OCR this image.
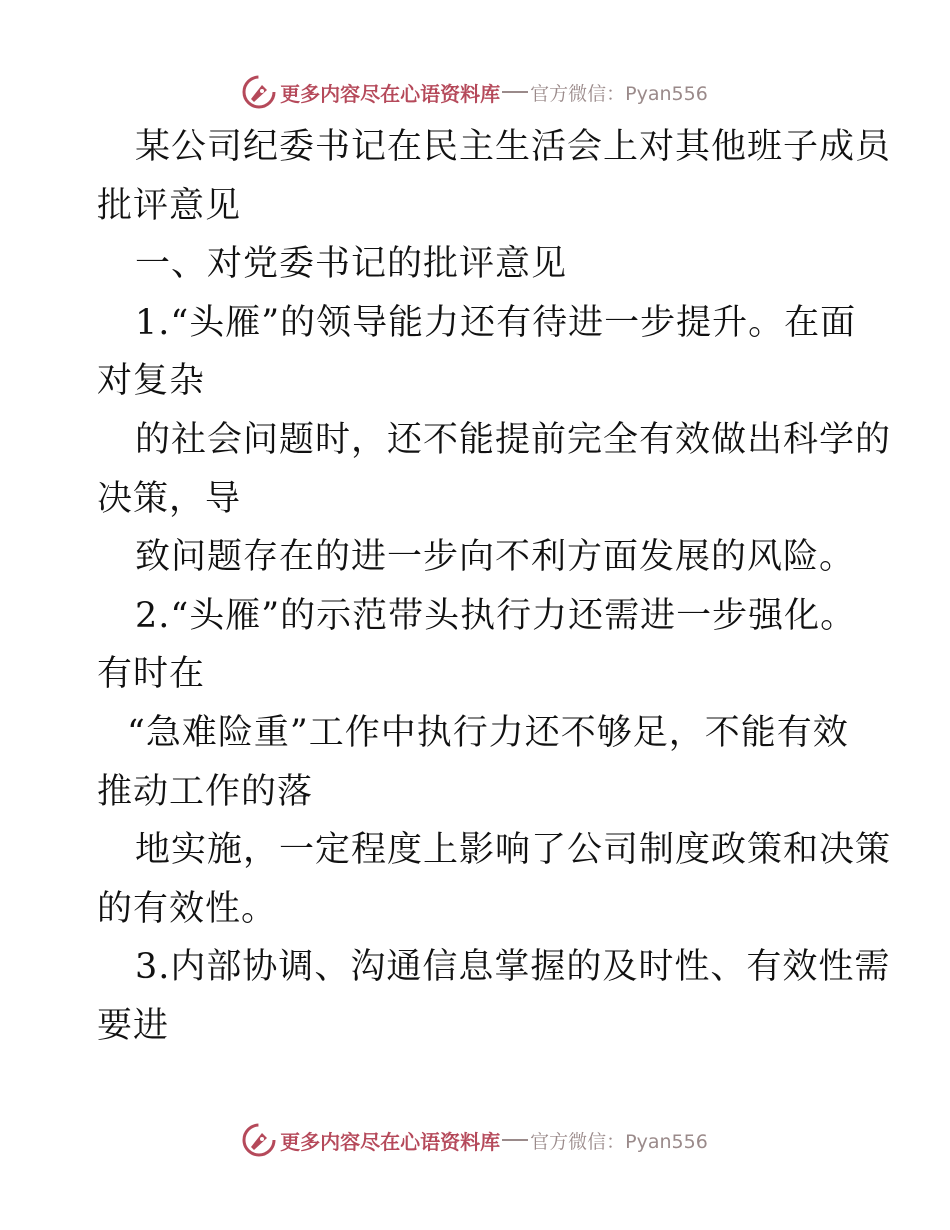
更多内容尽在心语资料库 官方微信：Pyan556
某公司纪委书记在民主生活会上对其他班子成员
批评意见
一、对党委书记的批评意见
1.“头雁”的领导能力还有待进一步提升。在面
对复杂
的社会问题时，还不能提前完全有效做出科学的
决策，导
致问题存在的进一步向不利方面发展的风险。
2.“头雁”的示范带头执行力还需进一步强化。
有时在
“急难险重”工作中执行力还不够足，不能有效
推动工作的落
地实施，一定程度上影响了公司制度政策和决策
的有效性。
3.内部协调、沟通信息掌握的及时性、有效性需
要进
更多内容尽在心语资料库 官方微信：Pyan556
